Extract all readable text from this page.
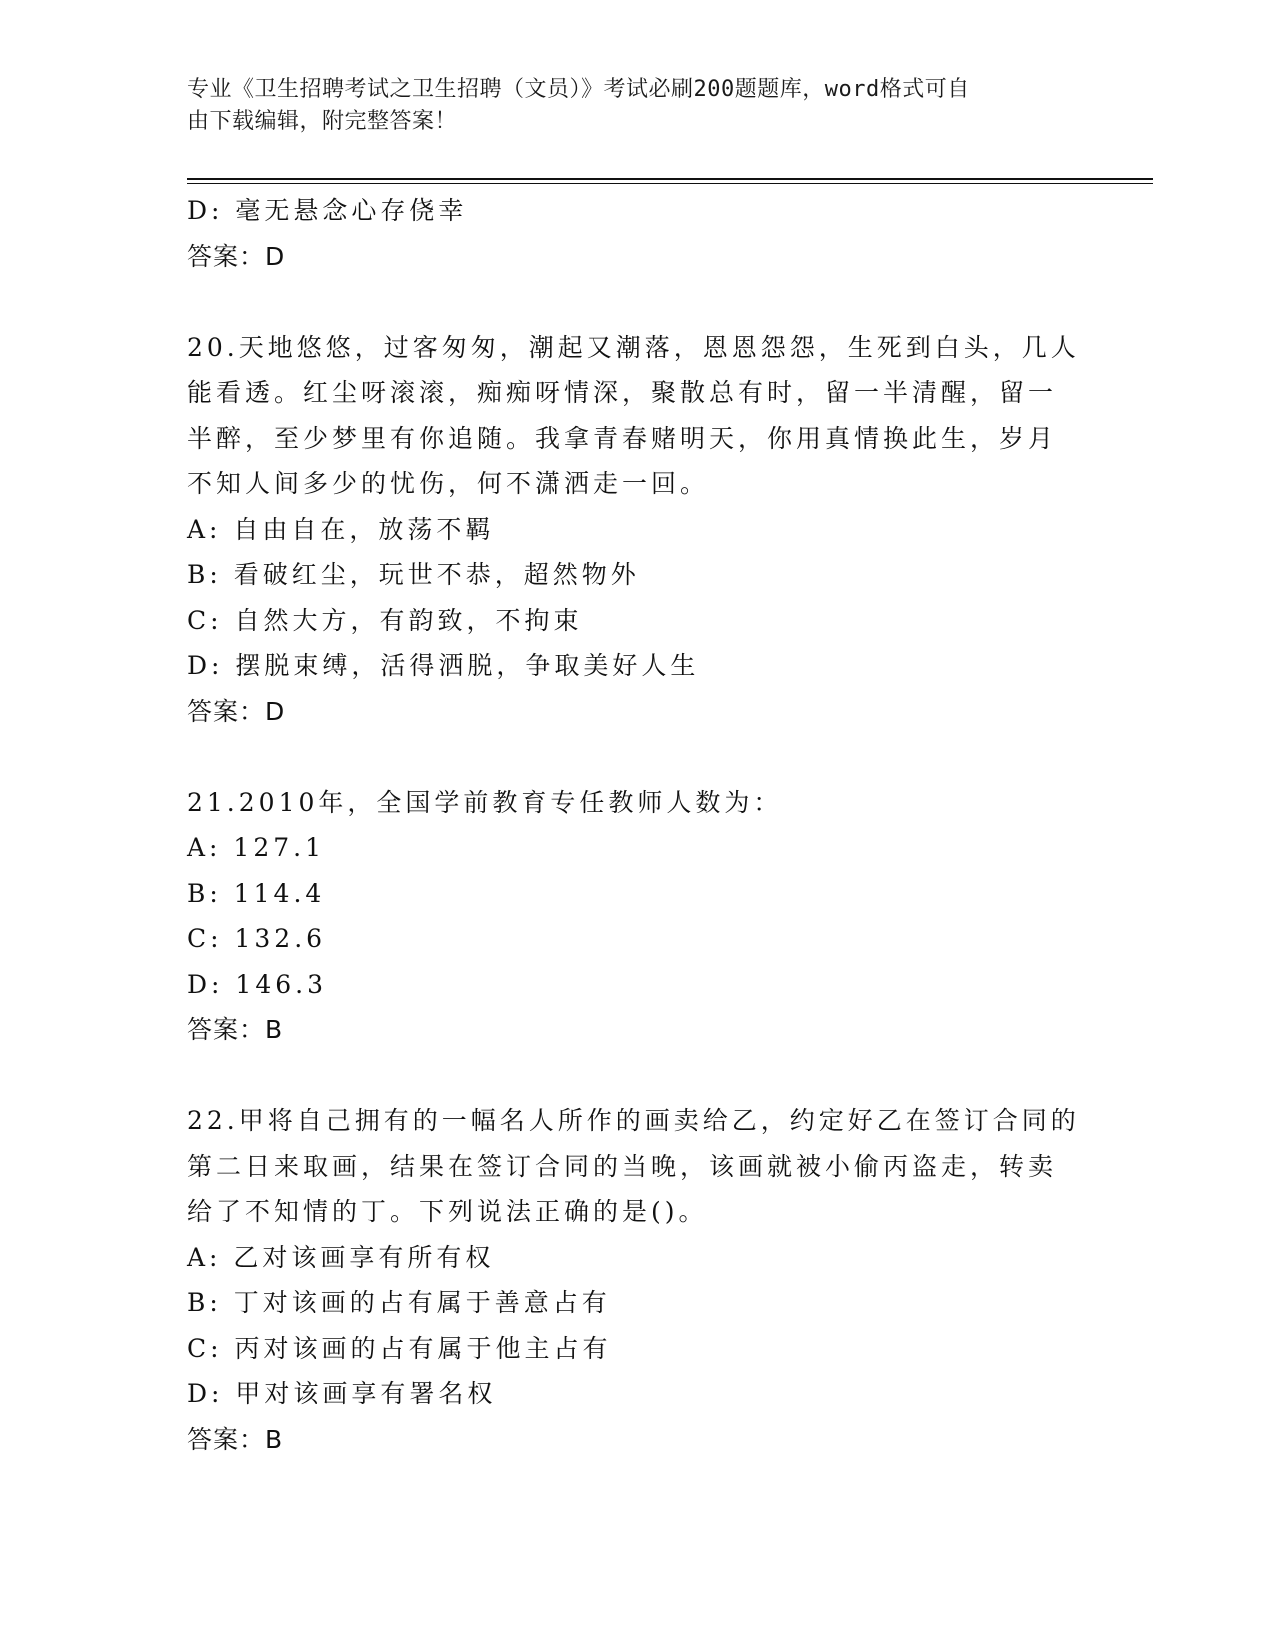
专业《卫生招聘考试之卫生招聘（文员）》考试必刷200题题库，word格式可自
由下载编辑，附完整答案！
D: 毫无悬念心存侥幸
答案：D
20.天地悠悠，过客匆匆，潮起又潮落，恩恩怨怨，生死到白头，几人
能看透。红尘呀滚滚，痴痴呀情深，聚散总有时，留一半清醒，留一
半醉，至少梦里有你追随。我拿青春赌明天，你用真情换此生，岁月
不知人间多少的忧伤，何不潇洒走一回。
A: 自由自在，放荡不羁
B: 看破红尘，玩世不恭，超然物外
C: 自然大方，有韵致，不拘束
D: 摆脱束缚，活得洒脱，争取美好人生
答案：D
21.2010年，全国学前教育专任教师人数为：
A: 127.1
B: 114.4
C: 132.6
D: 146.3
答案：B
22.甲将自己拥有的一幅名人所作的画卖给乙，约定好乙在签订合同的
第二日来取画，结果在签订合同的当晚，该画就被小偷丙盗走，转卖
给了不知情的丁。下列说法正确的是()。
A: 乙对该画享有所有权
B: 丁对该画的占有属于善意占有
C: 丙对该画的占有属于他主占有
D: 甲对该画享有署名权
答案：B
